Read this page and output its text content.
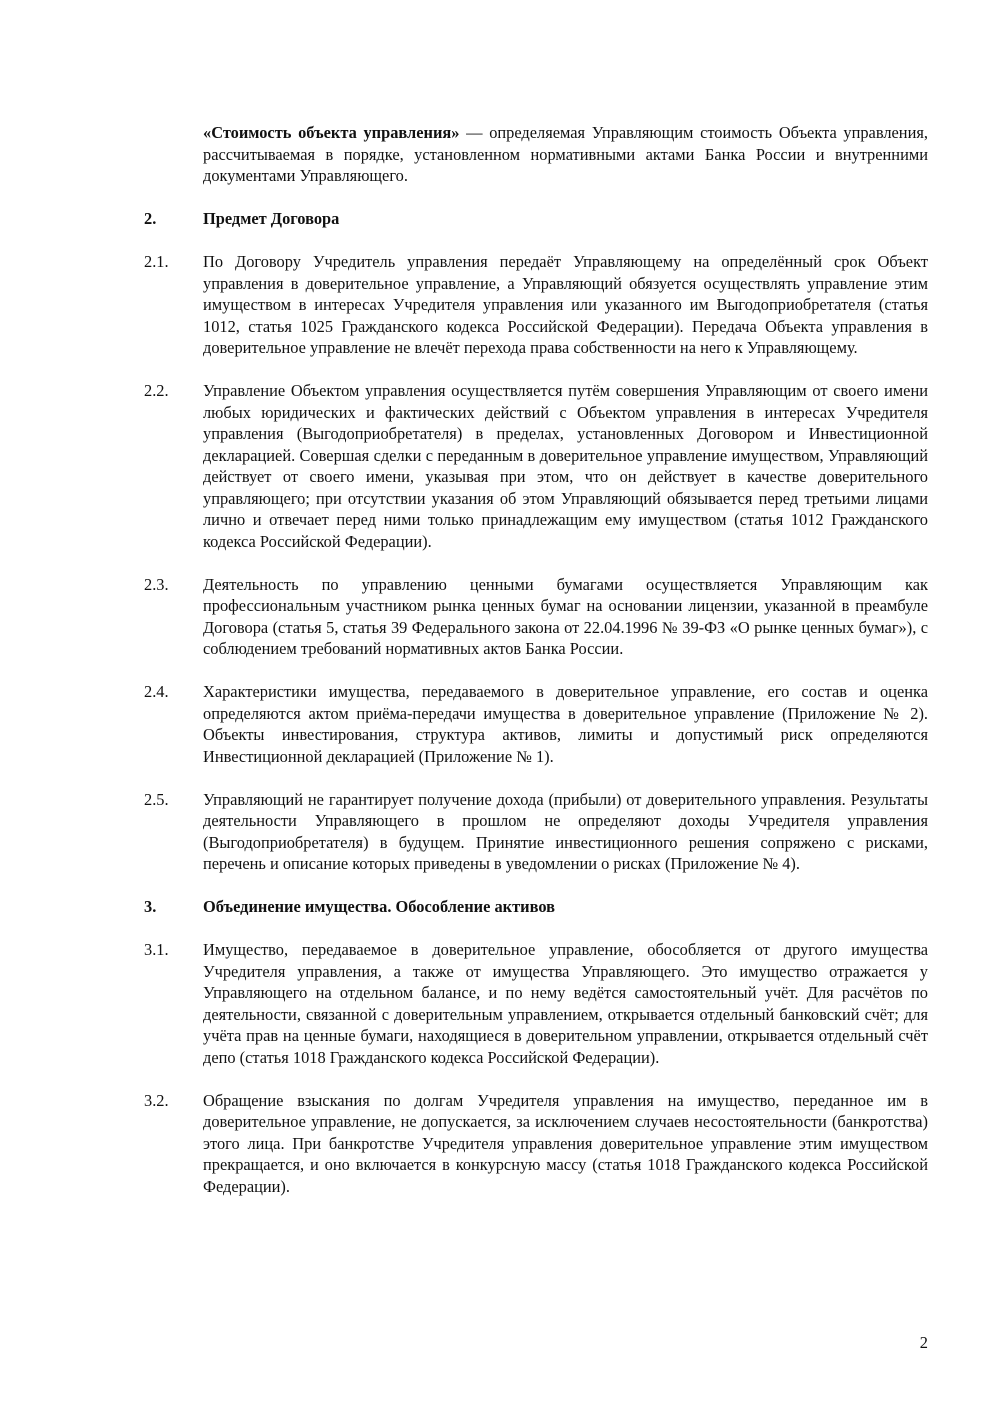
«Стоимость объекта управления» — определяемая Управляющим стоимость Объекта управления, рассчитываемая в порядке, установленном нормативными актами Банка России и внутренними документами Управляющего.

2.	Предмет Договора
2.1.	По Договору Учредитель управления передаёт Управляющему на определённый срок Объект управления в доверительное управление, а Управляющий обязуется осуществлять управление этим имуществом в интересах Учредителя управления или указанного им Выгодоприобретателя (статья 1012, статья 1025 Гражданского кодекса Российской Федерации). Передача Объекта управления в доверительное управление не влечёт перехода права собственности на него к Управляющему.
2.2.	Управление Объектом управления осуществляется путём совершения Управляющим от своего имени любых юридических и фактических действий с Объектом управления в интересах Учредителя управления (Выгодоприобретателя) в пределах, установленных Договором и Инвестиционной декларацией. Совершая сделки с переданным в доверительное управление имуществом, Управляющий действует от своего имени, указывая при этом, что он действует в качестве доверительного управляющего; при отсутствии указания об этом Управляющий обязывается перед третьими лицами лично и отвечает перед ними только принадлежащим ему имуществом (статья 1012 Гражданского кодекса Российской Федерации).
2.3.	Деятельность по управлению ценными бумагами осуществляется Управляющим как профессиональным участником рынка ценных бумаг на основании лицензии, указанной в преамбуле Договора (статья 5, статья 39 Федерального закона от 22.04.1996 № 39-ФЗ «О рынке ценных бумаг»), с соблюдением требований нормативных актов Банка России.
2.4.	Характеристики имущества, передаваемого в доверительное управление, его состав и оценка определяются актом приёма-передачи имущества в доверительное управление (Приложение № 2). Объекты инвестирования, структура активов, лимиты и допустимый риск определяются Инвестиционной декларацией (Приложение № 1).
2.5.	Управляющий не гарантирует получение дохода (прибыли) от доверительного управления. Результаты деятельности Управляющего в прошлом не определяют доходы Учредителя управления (Выгодоприобретателя) в будущем. Принятие инвестиционного решения сопряжено с рисками, перечень и описание которых приведены в уведомлении о рисках (Приложение № 4).
3.	Объединение имущества. Обособление активов
3.1.	Имущество, передаваемое в доверительное управление, обособляется от другого имущества Учредителя управления, а также от имущества Управляющего. Это имущество отражается у Управляющего на отдельном балансе, и по нему ведётся самостоятельный учёт. Для расчётов по деятельности, связанной с доверительным управлением, открывается отдельный банковский счёт; для учёта прав на ценные бумаги, находящиеся в доверительном управлении, открывается отдельный счёт депо (статья 1018 Гражданского кодекса Российской Федерации).
3.2.	Обращение взыскания по долгам Учредителя управления на имущество, переданное им в доверительное управление, не допускается, за исключением случаев несостоятельности (банкротства) этого лица. При банкротстве Учредителя управления доверительное управление этим имуществом прекращается, и оно включается в конкурсную массу (статья 1018 Гражданского кодекса Российской Федерации).
2
